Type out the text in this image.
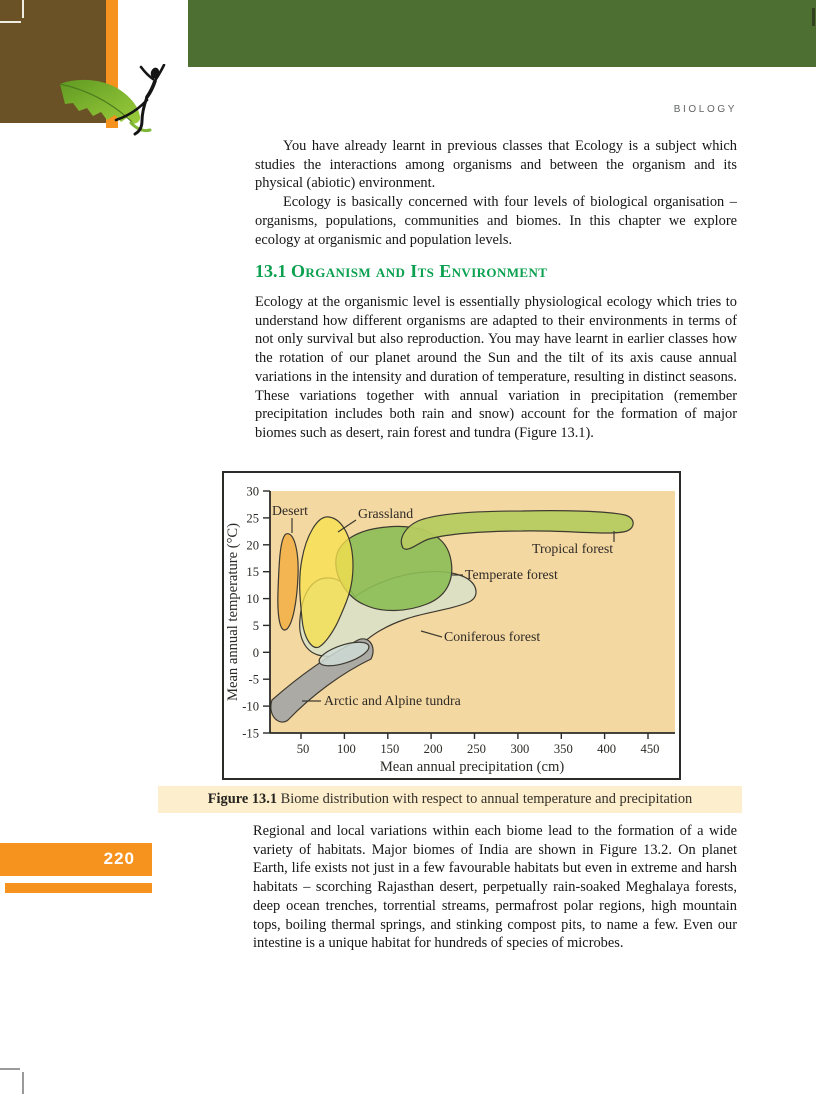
BIOLOGY

You have already learnt in previous classes that Ecology is a subject which studies the interactions among organisms and between the organism and its physical (abiotic) environment.

Ecology is basically concerned with four levels of biological organisation – organisms, populations, communities and biomes. In this chapter we explore ecology at organismic and population levels.

13.1 Organism and Its Environment

Ecology at the organismic level is essentially physiological ecology which tries to understand how different organisms are adapted to their environments in terms of not only survival but also reproduction. You may have learnt in earlier classes how the rotation of our planet around the Sun and the tilt of its axis cause annual variations in the intensity and duration of temperature, resulting in distinct seasons. These variations together with annual variation in precipitation (remember precipitation includes both rain and snow) account for the formation of major biomes such as desert, rain forest and tundra (Figure 13.1).

30
25
20
15
10
5
0
-5
-10
-15
50 100 150 200 250 300 350 400 450
Mean annual precipitation (cm)
Mean annual temperature (°C)
Desert	Grassland
Tropical forest
Temperate forest
Coniferous forest
Arctic and Alpine tundra
Figure 13.1 Biome distribution with respect to annual temperature and precipitation

Regional and local variations within each biome lead to the formation of a wide variety of habitats. Major biomes of India are shown in Figure 13.2. On planet Earth, life exists not just in a few favourable habitats but even in extreme and harsh habitats – scorching Rajasthan desert, perpetually rain-soaked Meghalaya forests, deep ocean trenches, torrential streams, permafrost polar regions, high mountain tops, boiling thermal springs, and stinking compost pits, to name a few. Even our intestine is a unique habitat for hundreds of species of microbes.

220
